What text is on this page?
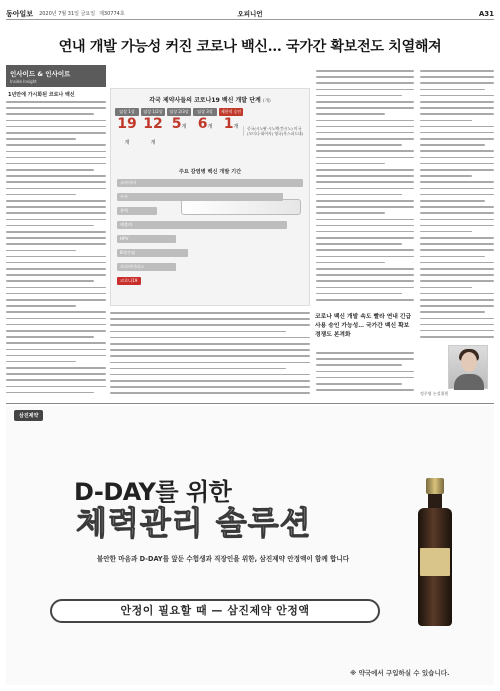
동아일보 2020년 7월 31일 금요일 제30774호	오피니언	A31
연내 개발 가능성 커진 코로나 백신… 국가간 확보전도 치열해져
인사이드 & 인사이트
Inside Insight
1년만에 가시화된 코로나 백신
각국 제약사들의 코로나19 백신 개발 단계 (개)
중국(시노팜·시노백·칸시노) 미국(모더나·화이자) 영국(옥스퍼드대)
임상 1상
19개
임상 1/2상
12개
임상 2/3상
5개
임상 3상
6개
제한적 승인
1개
주요 감염병 백신 개발 기간
소아마비
수두
홍역
에볼라
HPV
B형간염
로타바이러스
코로나19
코로나 백신 개발 속도 빨라 연내 긴급사용 승인 가능성… 국가간 백신 확보 경쟁도 본격화
정주영 논설위원
삼진제약
D-DAY를 위한
체력관리 솔루션
불안한 마음과 D-DAY를 앞둔 수험생과 직장인을 위한, 삼진제약 안정액이 함께 합니다
안정이 필요할 때 — 삼진제약 안정액
※ 약국에서 구입하실 수 있습니다.
